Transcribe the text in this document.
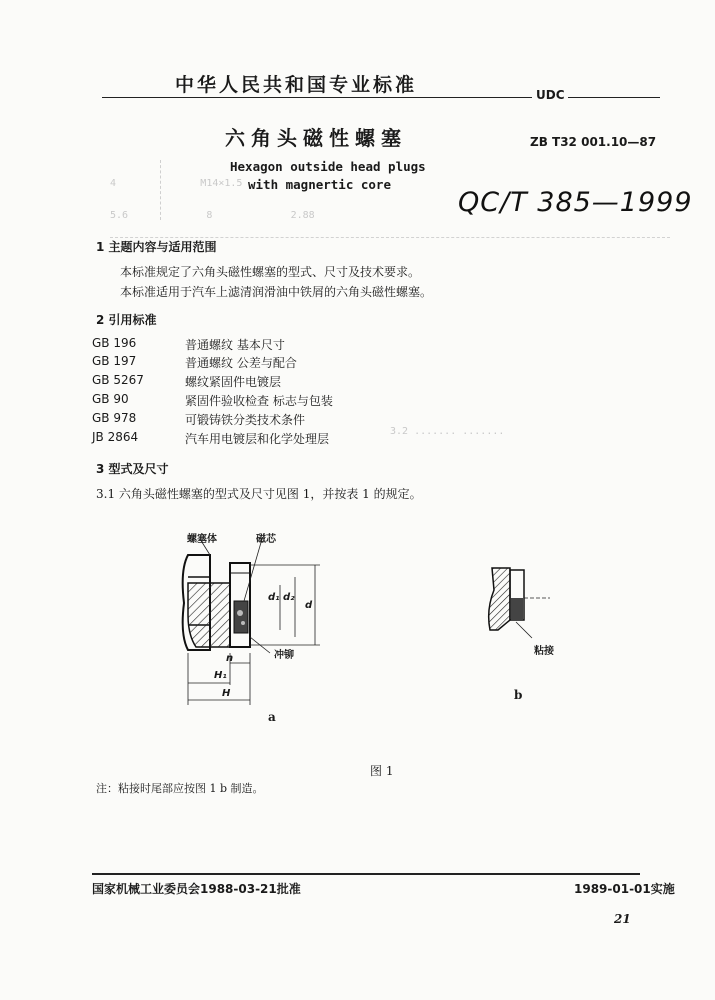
4              M14×1.5
5.6             8             2.88
3.2 ....... .......
中华人民共和国专业标准	UDC
六角头磁性螺塞	ZB T32 001.10—87
Hexagon outside head plugs
with magnertic core
QC/T 385—1999
1 主题内容与适用范围
本标准规定了六角头磁性螺塞的型式、尺寸及技术要求。
本标准适用于汽车上滤清润滑油中铁屑的六角头磁性螺塞。
2 引用标准
GB 196	普通螺纹 基本尺寸
GB 197	普通螺纹 公差与配合
GB 5267	螺纹紧固件电镀层
GB 90	紧固件验收检查 标志与包装
GB 978	可锻铸铁分类技术条件
JB 2864	汽车用电镀层和化学处理层
3 型式及尺寸
3.1 六角头磁性螺塞的型式及尺寸见图 1，并按表 1 的规定。
螺塞体	磁芯
冲铆
d₁ d₂
d
n
H₁
H
a
粘接
b
图 1
注：粘接时尾部应按图 1 b 制造。
国家机械工业委员会1988-03-21批准	1989-01-01实施
21
